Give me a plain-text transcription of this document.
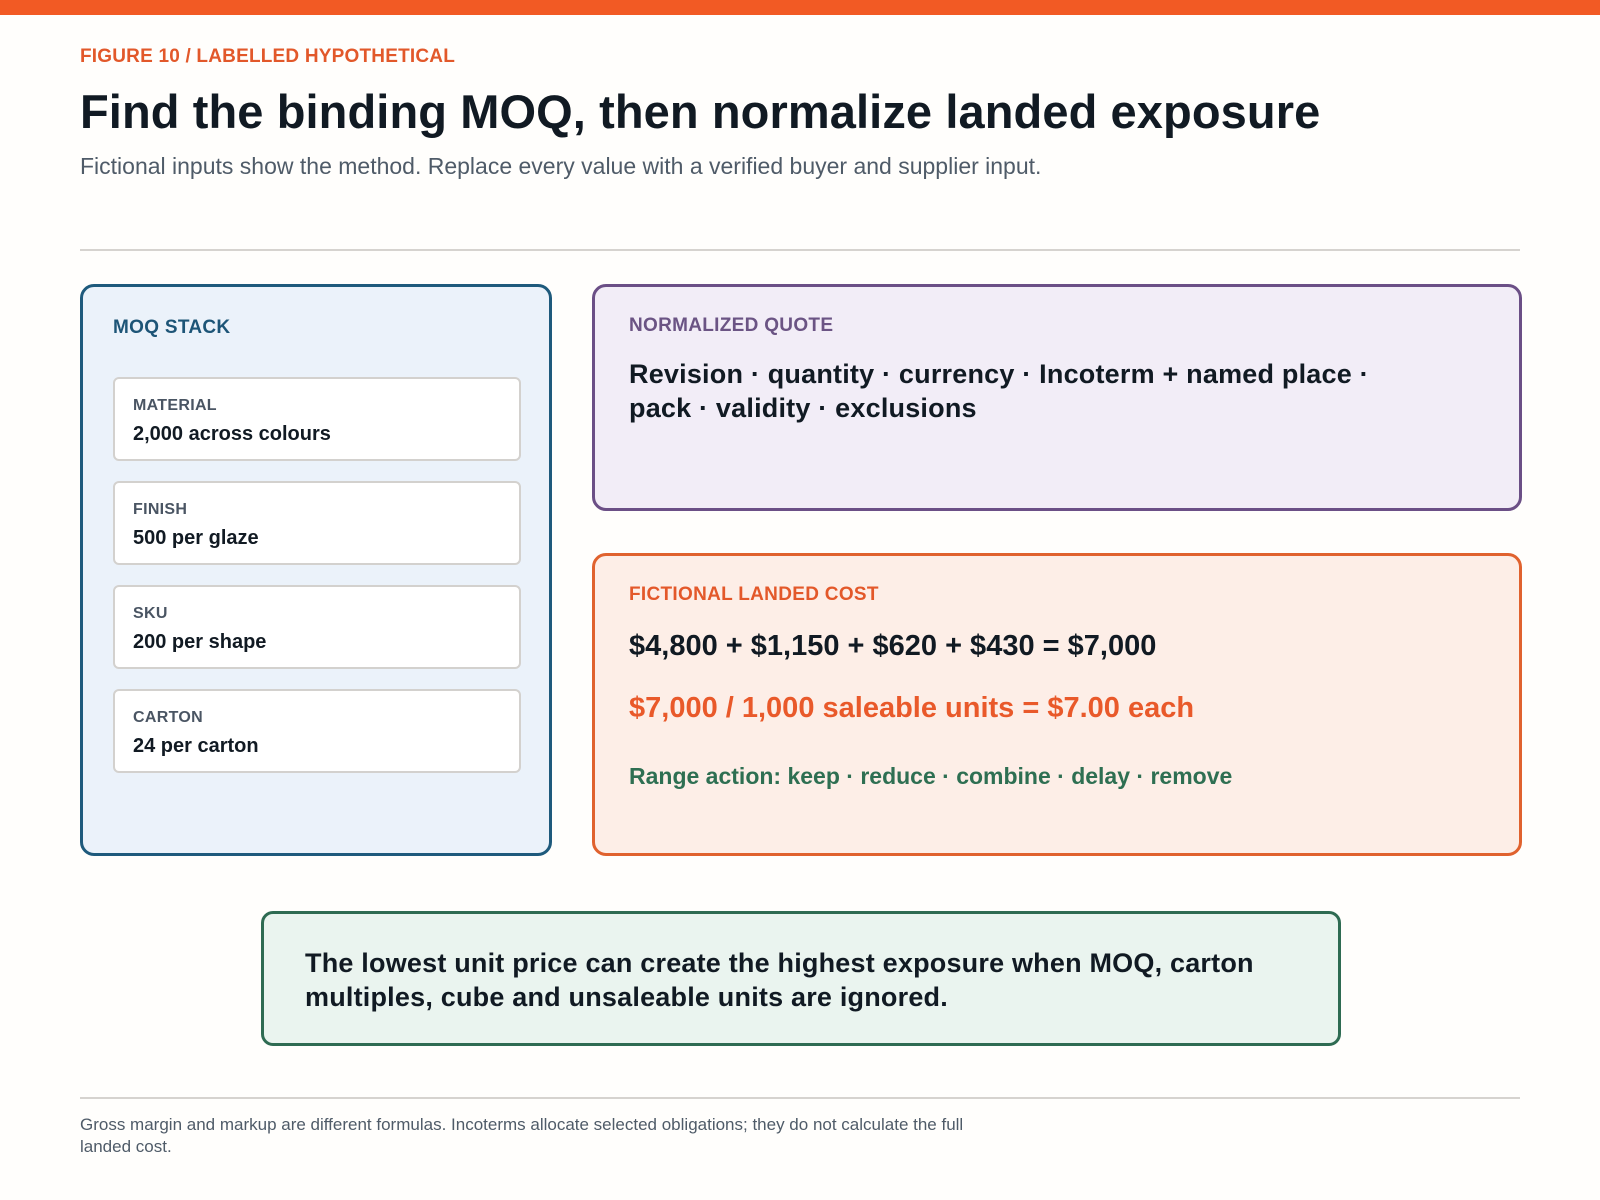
FIGURE 10 / LABELLED HYPOTHETICAL
Find the binding MOQ, then normalize landed exposure

Fictional inputs show the method. Replace every value with a verified buyer and supplier input.

MOQ STACK
MATERIAL
2,000 across colours
FINISH
500 per glaze
SKU
200 per shape
CARTON
24 per carton
NORMALIZED QUOTE

Revision · quantity · currency · Incoterm + named place · pack · validity · exclusions

FICTIONAL LANDED COST
$4,800 + $1,150 + $620 + $430 = $7,000
$7,000 / 1,000 saleable units = $7.00 each
Range action: keep · reduce · combine · delay · remove

The lowest unit price can create the highest exposure when MOQ, carton multiples, cube and unsaleable units are ignored.

Gross margin and markup are different formulas. Incoterms allocate selected obligations; they do not calculate the full landed cost.
